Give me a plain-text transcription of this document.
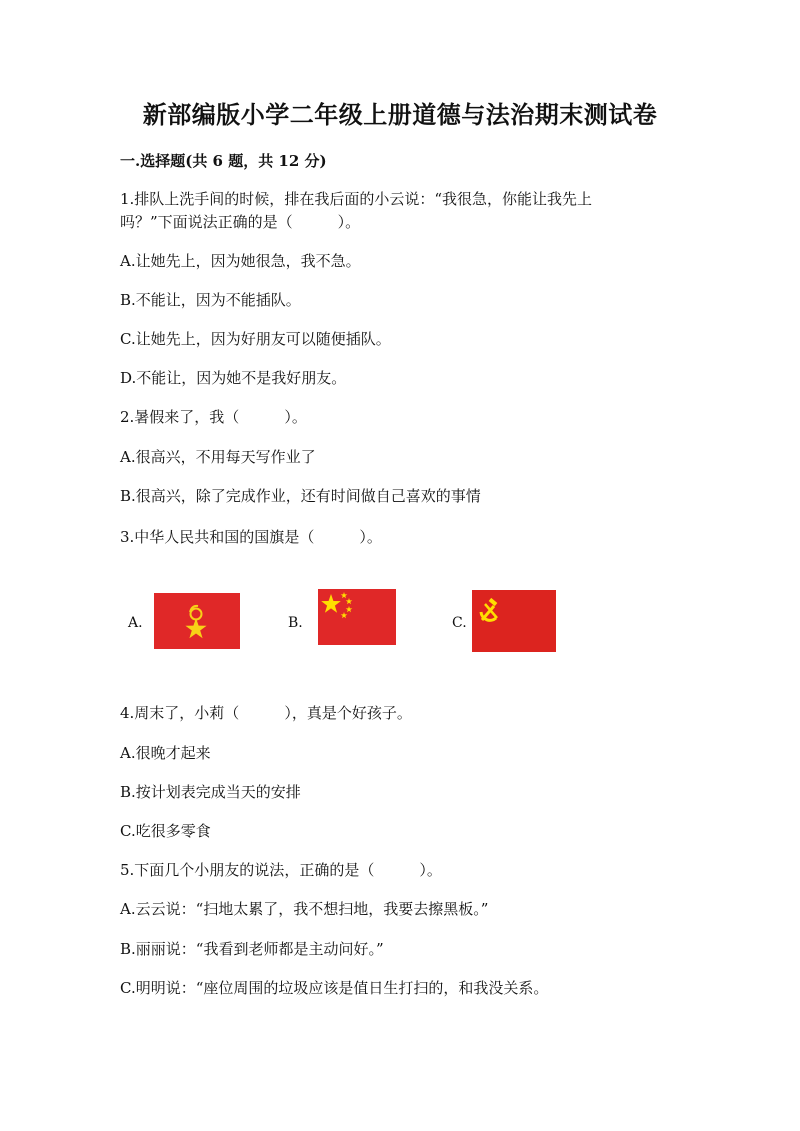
新部编版小学二年级上册道德与法治期末测试卷
一.选择题(共 6 题，共 12 分)
1.排队上洗手间的时候，排在我后面的小云说：“我很急，你能让我先上
吗？”下面说法正确的是（　　　）。
A.让她先上，因为她很急，我不急。
B.不能让，因为不能插队。
C.让她先上，因为好朋友可以随便插队。
D.不能让，因为她不是我好朋友。
2.暑假来了，我（　　　）。
A.很高兴，不用每天写作业了
B.很高兴，除了完成作业，还有时间做自己喜欢的事情
3.中华人民共和国的国旗是（　　　）。
A.	B.	C.
4.周末了，小莉（　　　），真是个好孩子。
A.很晚才起来
B.按计划表完成当天的安排
C.吃很多零食
5.下面几个小朋友的说法，正确的是（　　　）。
A.云云说：“扫地太累了，我不想扫地，我要去擦黑板。”
B.丽丽说：“我看到老师都是主动问好。”
C.明明说：“座位周围的垃圾应该是值日生打扫的，和我没关系。
